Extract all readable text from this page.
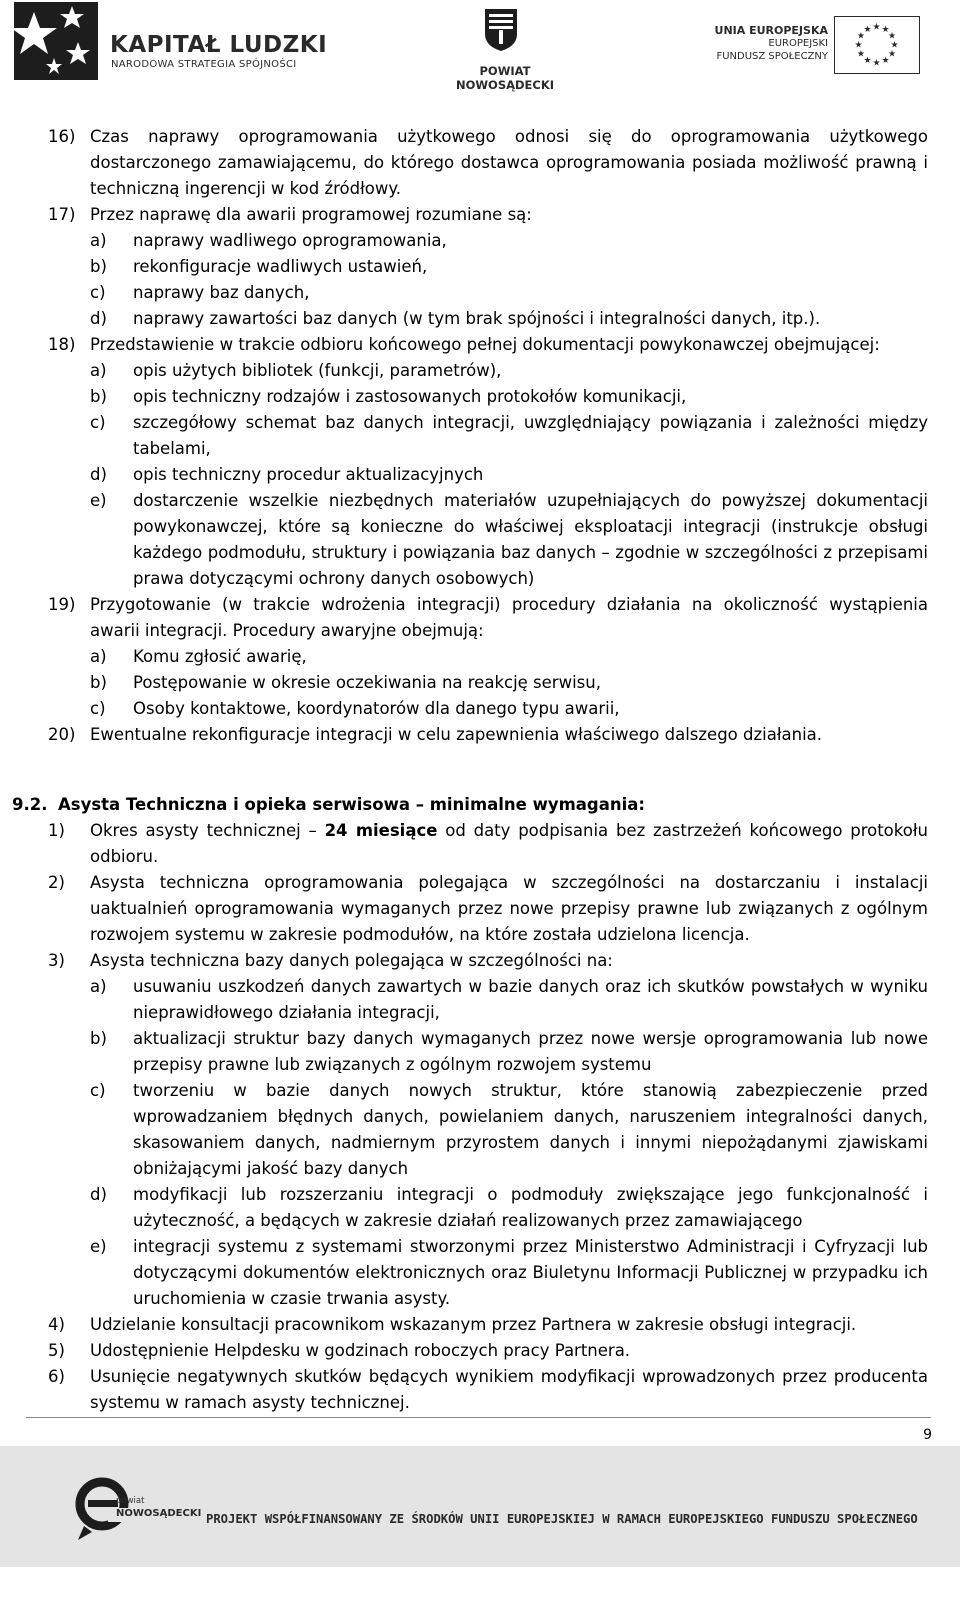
KAPITAŁ LUDZKI
NARODOWA STRATEGIA SPÓJNOŚCI	POWIAT NOWOSĄDECKI
UNIA EUROPEJSKA
EUROPEJSKI
FUNDUSZ SPOŁECZNY
★ ★
★
★
★
★
★
★
★
★
★
★
16) Czas naprawy oprogramowania użytkowego odnosi się do oprogramowania użytkowego dostarczonego zamawiającemu, do którego dostawca oprogramowania posiada możliwość prawną i techniczną ingerencji w kod źródłowy.
17) Przez naprawę dla awarii programowej rozumiane są:
a)	naprawy wadliwego oprogramowania,
b)	rekonfiguracje wadliwych ustawień,
c)	naprawy baz danych,
d)	naprawy zawartości baz danych (w tym brak spójności i integralności danych, itp.).
18) Przedstawienie w trakcie odbioru końcowego pełnej dokumentacji powykonawczej obejmującej:
a)	opis użytych bibliotek (funkcji, parametrów),
b)	opis techniczny rodzajów i zastosowanych protokołów komunikacji,
c)	szczegółowy schemat baz danych integracji, uwzględniający powiązania i zależności między tabelami,
d)	opis techniczny procedur aktualizacyjnych
e)	dostarczenie wszelkie niezbędnych materiałów uzupełniających do powyższej dokumentacji powykonawczej, które są konieczne do właściwej eksploatacji integracji (instrukcje obsługi każdego podmodułu, struktury i powiązania baz danych – zgodnie w szczególności z przepisami prawa dotyczącymi ochrony danych osobowych)
19) Przygotowanie (w trakcie wdrożenia integracji) procedury działania na okoliczność wystąpienia awarii integracji. Procedury awaryjne obejmują:
a)	Komu zgłosić awarię,
b)	Postępowanie w okresie oczekiwania na reakcję serwisu,
c)	Osoby kontaktowe, koordynatorów dla danego typu awarii,
20) Ewentualne rekonfiguracje integracji w celu zapewnienia właściwego dalszego działania.
9.2. Asysta Techniczna i opieka serwisowa – minimalne wymagania:
1)	Okres asysty technicznej – 24 miesiące od daty podpisania bez zastrzeżeń końcowego protokołu odbioru.
2)	Asysta techniczna oprogramowania polegająca w szczególności na dostarczaniu i instalacji uaktualnień oprogramowania wymaganych przez nowe przepisy prawne lub związanych z ogólnym rozwojem systemu w zakresie podmodułów, na które została udzielona licencja.
3)	Asysta techniczna bazy danych polegająca w szczególności na:
a)	usuwaniu uszkodzeń danych zawartych w bazie danych oraz ich skutków powstałych w wyniku nieprawidłowego działania integracji,
b)	aktualizacji struktur bazy danych wymaganych przez nowe wersje oprogramowania lub nowe przepisy prawne lub związanych z ogólnym rozwojem systemu
c)	tworzeniu w bazie danych nowych struktur, które stanowią zabezpieczenie przed wprowadzaniem błędnych danych, powielaniem danych, naruszeniem integralności danych, skasowaniem danych, nadmiernym przyrostem danych i innymi niepożądanymi zjawiskami obniżającymi jakość bazy danych
d)	modyfikacji lub rozszerzaniu integracji o podmoduły zwiększające jego funkcjonalność i użyteczność, a będących w zakresie działań realizowanych przez zamawiającego
e)	integracji systemu z systemami stworzonymi przez Ministerstwo Administracji i Cyfryzacji lub dotyczącymi dokumentów elektronicznych oraz Biuletynu Informacji Publicznej w przypadku ich uruchomienia w czasie trwania asysty.
4)	Udzielanie konsultacji pracownikom wskazanym przez Partnera w zakresie obsługi integracji.
5)	Udostępnienie Helpdesku w godzinach roboczych pracy Partnera.
6)	Usunięcie negatywnych skutków będących wynikiem modyfikacji wprowadzonych przez producenta systemu w ramach asysty technicznej.
9
powiat
NOWOSĄDECKI PROJEKT WSPÓŁFINANSOWANY ZE ŚRODKÓW UNII EUROPEJSKIEJ W RAMACH EUROPEJSKIEGO FUNDUSZU SPOŁECZNEGO
